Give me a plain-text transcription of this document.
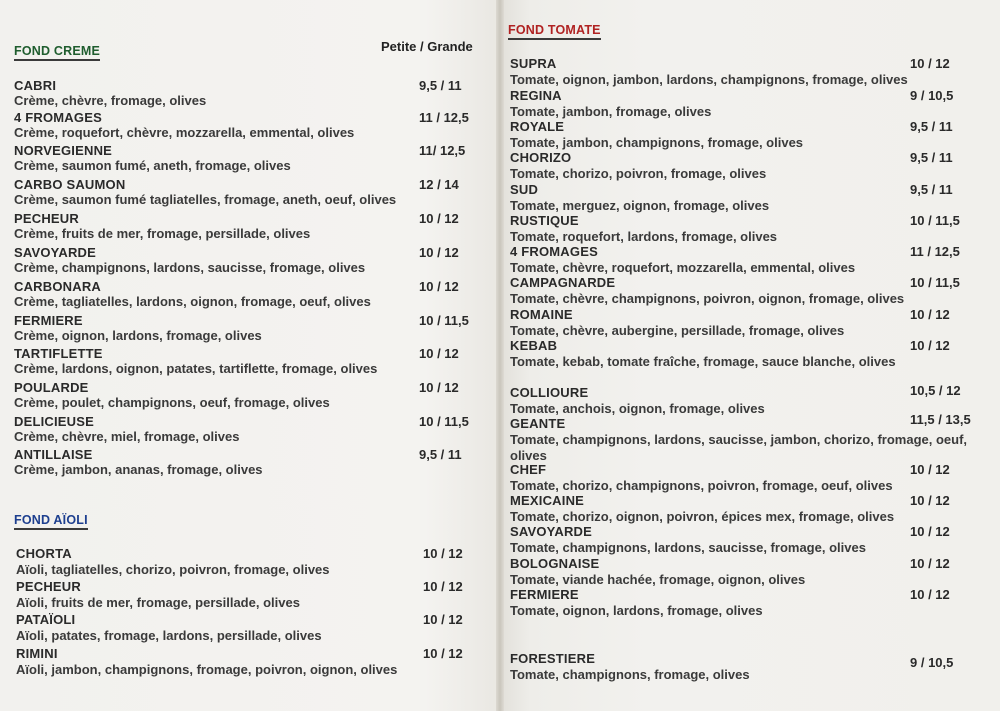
FOND CREME	Petite / Grande
FOND AÏOLI
CABRI	9,5 / 11
Crème, chèvre, fromage, olives
4 FROMAGES	11 / 12,5
Crème, roquefort, chèvre, mozzarella, emmental, olives
NORVEGIENNE	11/ 12,5
Crème, saumon fumé, aneth, fromage, olives
CARBO SAUMON	12 / 14
Crème, saumon fumé tagliatelles, fromage, aneth, oeuf, olives
PECHEUR	10 / 12
Crème, fruits de mer, fromage, persillade, olives
SAVOYARDE	10 / 12
Crème, champignons, lardons, saucisse, fromage, olives
CARBONARA	10 / 12
Crème, tagliatelles, lardons, oignon, fromage, oeuf, olives
FERMIERE	10 / 11,5
Crème, oignon, lardons, fromage, olives
TARTIFLETTE	10 / 12
Crème, lardons, oignon, patates, tartiflette, fromage, olives
POULARDE	10 / 12
Crème, poulet, champignons, oeuf, fromage, olives
DELICIEUSE	10 / 11,5
Crème, chèvre, miel, fromage, olives
ANTILLAISE	9,5 / 11
Crème, jambon, ananas, fromage, olives
CHORTA	10 / 12
Aïoli, tagliatelles, chorizo, poivron, fromage, olives
PECHEUR	10 / 12
Aïoli, fruits de mer, fromage, persillade, olives
PATAÏOLI	10 / 12
Aïoli, patates, fromage, lardons, persillade, olives
RIMINI	10 / 12
Aïoli, jambon, champignons, fromage, poivron, oignon, olives
FOND TOMATE
SUPRA	10 / 12
Tomate, oignon, jambon, lardons, champignons, fromage, olives
REGINA	9 / 10,5
Tomate, jambon, fromage, olives
ROYALE	9,5 / 11
Tomate, jambon, champignons, fromage, olives
CHORIZO	9,5 / 11
Tomate, chorizo, poivron, fromage, olives
SUD	9,5 / 11
Tomate, merguez, oignon, fromage, olives
RUSTIQUE	10 / 11,5
Tomate, roquefort, lardons, fromage, olives
4 FROMAGES	11 / 12,5
Tomate, chèvre, roquefort, mozzarella, emmental, olives
CAMPAGNARDE	10 / 11,5
Tomate, chèvre, champignons, poivron, oignon, fromage, olives
ROMAINE	10 / 12
Tomate, chèvre, aubergine, persillade, fromage, olives
KEBAB	10 / 12
Tomate, kebab, tomate fraîche, fromage, sauce blanche, olives
COLLIOURE	10,5 / 12
Tomate, anchois, oignon, fromage, olives
GEANTE	11,5 / 13,5
Tomate, champignons, lardons, saucisse, jambon, chorizo, fromage, oeuf, olives
CHEF	10 / 12
Tomate, chorizo, champignons, poivron, fromage, oeuf, olives
MEXICAINE	10 / 12
Tomate, chorizo, oignon, poivron, épices mex, fromage, olives
SAVOYARDE	10 / 12
Tomate, champignons, lardons, saucisse, fromage, olives
BOLOGNAISE	10 / 12
Tomate, viande hachée, fromage, oignon, olives
FERMIERE	10 / 12
Tomate, oignon, lardons, fromage, olives
FORESTIERE	9 / 10,5
Tomate, champignons, fromage, olives
